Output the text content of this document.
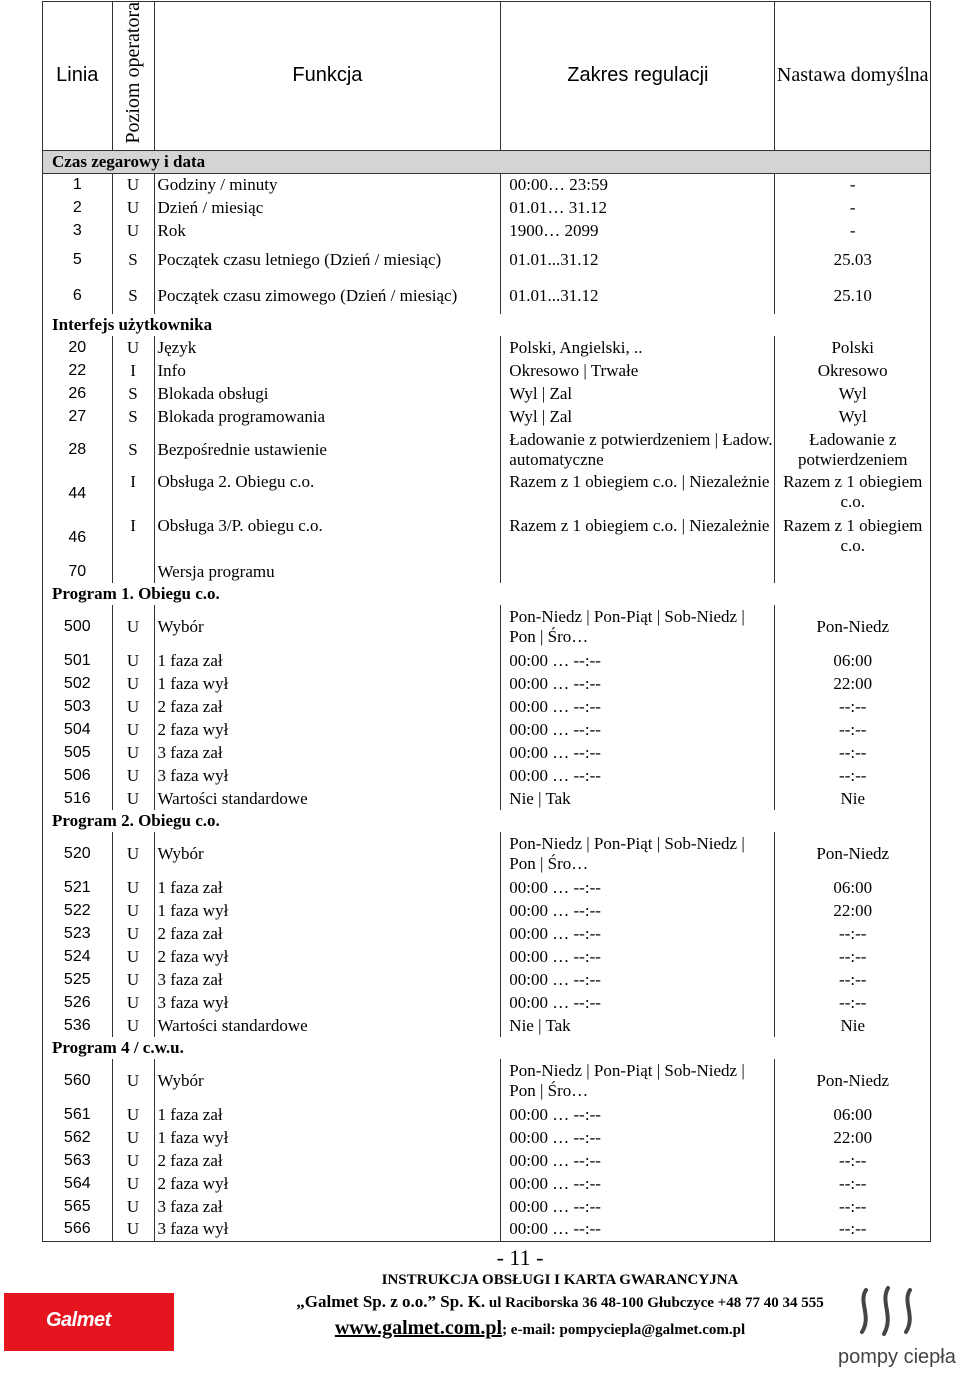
Linia	Poziom operatora	Funkcja	Zakres regulacji	Nastawa domyślna
Czas zegarowy i data				
1	U	Godziny / minuty	00:00… 23:59	-
2	U	Dzień / miesiąc	01.01… 31.12	-
3	U	Rok	1900… 2099	-
5	S	Początek czasu letniego (Dzień / miesiąc)	01.01...31.12	25.03
6	S	Początek czasu zimowego (Dzień / miesiąc)	01.01...31.12	25.10
Interfejs użytkownika				
20	U	Język	Polski, Angielski, ..	Polski
22	I	Info	Okresowo | Trwałe	Okresowo
26	S	Blokada obsługi	Wyl | Zal	Wyl
27	S	Blokada programowania	Wyl | Zal	Wyl
28	S	Bezpośrednie ustawienie	Ładowanie z potwierdzeniem | Ładow. automatyczne	Ładowanie z potwierdzeniem
44	I	Obsługa 2. Obiegu c.o.	Razem z 1 obiegiem c.o. | Niezależnie	Razem z 1 obiegiem c.o.
46	I	Obsługa 3/P. obiegu c.o.	Razem z 1 obiegiem c.o. | Niezależnie	Razem z 1 obiegiem c.o.
70		Wersja programu		
Program 1. Obiegu c.o.				
500	U	Wybór	Pon-Niedz | Pon-Piąt | Sob-Niedz | Pon | Śro…	Pon-Niedz
501	U	1 faza zał	00:00 … --:--	06:00
502	U	1 faza wył	00:00 … --:--	22:00
503	U	2 faza zał	00:00 … --:--	--:--
504	U	2 faza wył	00:00 … --:--	--:--
505	U	3 faza zał	00:00 … --:--	--:--
506	U	3 faza wył	00:00 … --:--	--:--
516	U	Wartości standardowe	Nie | Tak	Nie
Program 2. Obiegu c.o.				
520	U	Wybór	Pon-Niedz | Pon-Piąt | Sob-Niedz | Pon | Śro…	Pon-Niedz
521	U	1 faza zał	00:00 … --:--	06:00
522	U	1 faza wył	00:00 … --:--	22:00
523	U	2 faza zał	00:00 … --:--	--:--
524	U	2 faza wył	00:00 … --:--	--:--
525	U	3 faza zał	00:00 … --:--	--:--
526	U	3 faza wył	00:00 … --:--	--:--
536	U	Wartości standardowe	Nie | Tak	Nie
Program 4 / c.w.u.				
560	U	Wybór	Pon-Niedz | Pon-Piąt | Sob-Niedz | Pon | Śro…	Pon-Niedz
561	U	1 faza zał	00:00 … --:--	06:00
562	U	1 faza wył	00:00 … --:--	22:00
563	U	2 faza zał	00:00 … --:--	--:--
564	U	2 faza wył	00:00 … --:--	--:--
565	U	3 faza zał	00:00 … --:--	--:--
566	U	3 faza wył	00:00 … --:--	--:--
- 11 -
INSTRUKCJA OBSŁUGI I KARTA GWARANCYJNA
„Galmet Sp. z o.o.” Sp. K. ul Raciborska 36 48-100 Głubczyce +48 77 40 34 555
www.galmet.com.pl; e-mail: pompyciepla@galmet.com.pl
Galmet
pompy ciepła
